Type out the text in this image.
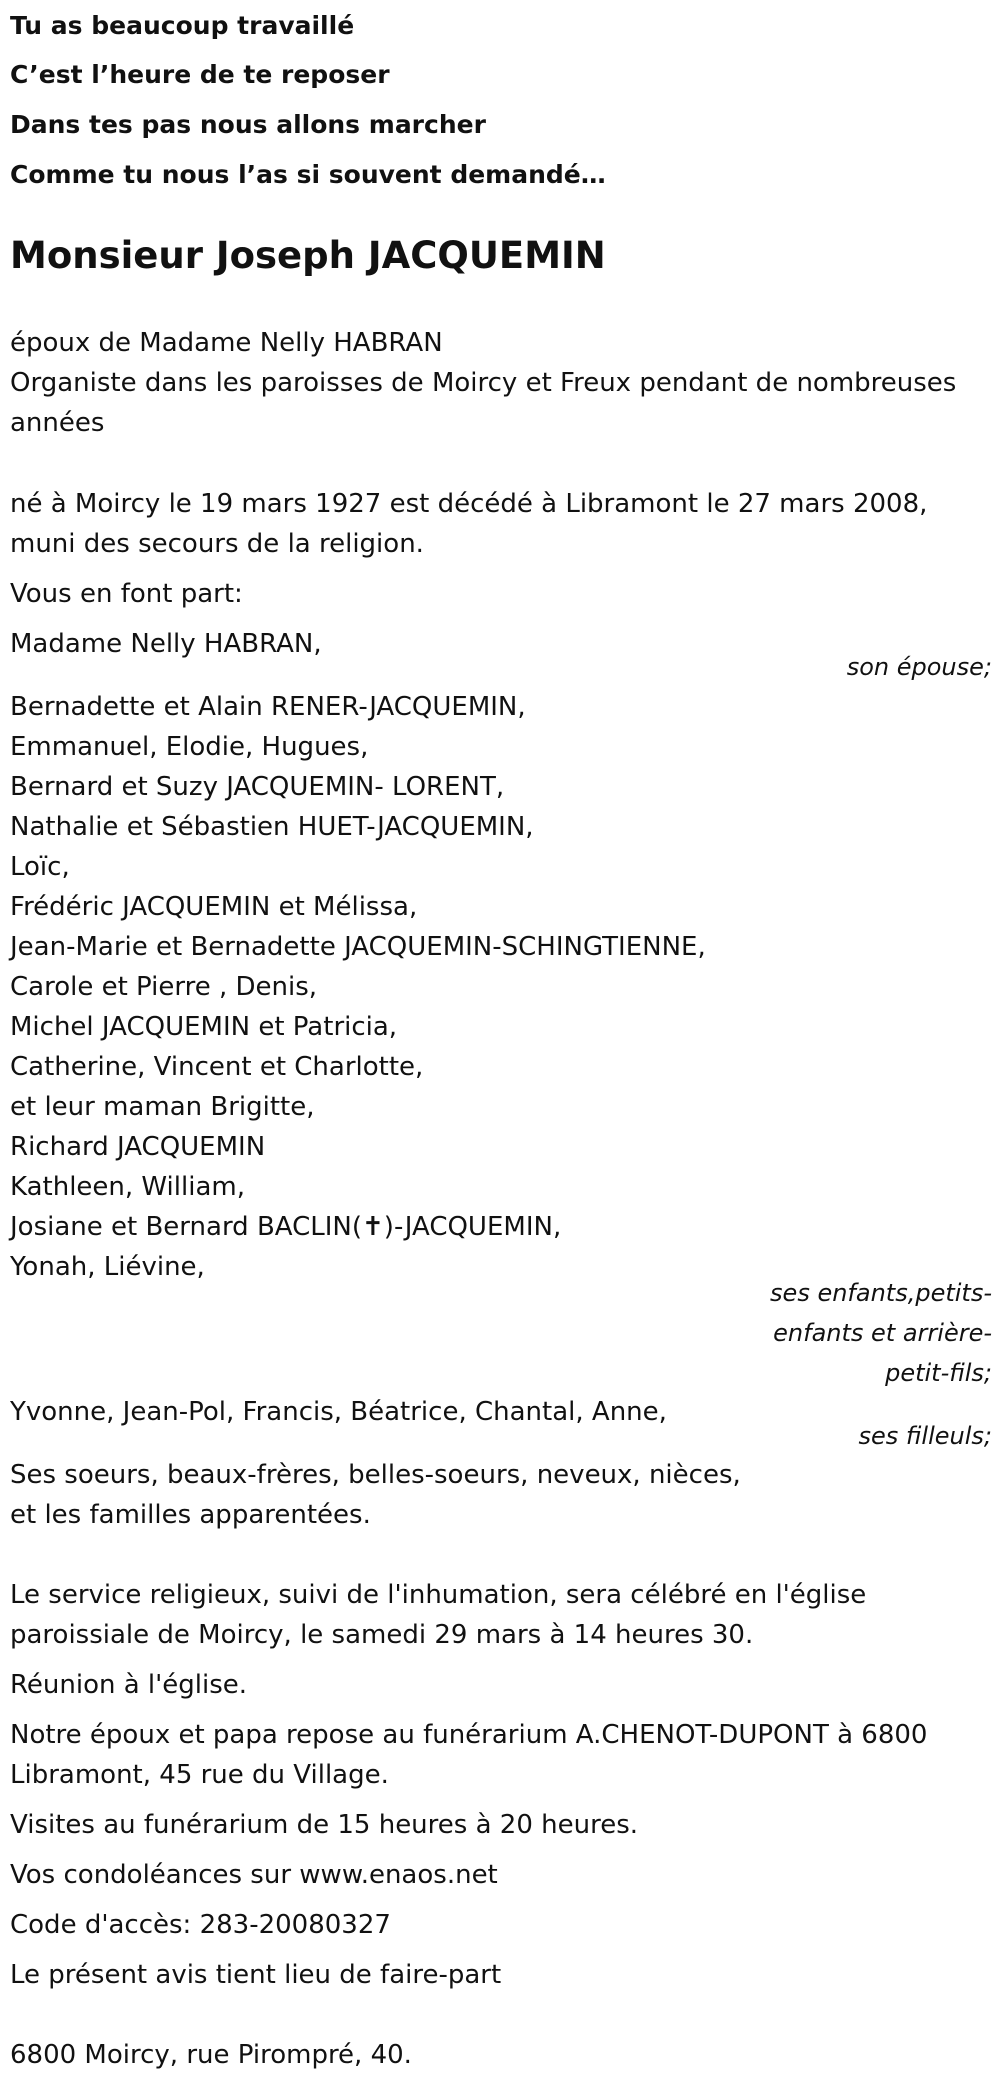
Tu as beaucoup travaillé
C’est l’heure de te reposer
Dans tes pas nous allons marcher
Comme tu nous l’as si souvent demandé…
Monsieur Joseph JACQUEMIN
époux de Madame Nelly HABRAN
Organiste dans les paroisses de Moircy et Freux pendant de nombreuses
années
né à Moircy le 19 mars 1927 est décédé à Libramont le 27 mars 2008,
muni des secours de la religion.
Vous en font part:
Madame Nelly HABRAN,
son épouse;
Bernadette et Alain RENER-JACQUEMIN,
Emmanuel, Elodie, Hugues,
Bernard et Suzy JACQUEMIN- LORENT,
Nathalie et Sébastien HUET-JACQUEMIN,
Loïc,
Frédéric JACQUEMIN et Mélissa,
Jean-Marie et Bernadette JACQUEMIN-SCHINGTIENNE,
Carole et Pierre , Denis,
Michel JACQUEMIN et Patricia,
Catherine, Vincent et Charlotte,
et leur maman Brigitte,
Richard JACQUEMIN
Kathleen, William,
Josiane et Bernard BACLIN(✝)-JACQUEMIN,
Yonah, Liévine,
ses enfants,petits-
enfants et arrière-
petit-fils;
Yvonne, Jean-Pol, Francis, Béatrice, Chantal, Anne,
ses filleuls;
Ses soeurs, beaux-frères, belles-soeurs, neveux, nièces,
et les familles apparentées.
Le service religieux, suivi de l'inhumation, sera célébré en l'église
paroissiale de Moircy, le samedi 29 mars à 14 heures 30.
Réunion à l'église.
Notre époux et papa repose au funérarium A.CHENOT-DUPONT à 6800
Libramont, 45 rue du Village.
Visites au funérarium de 15 heures à 20 heures.
Vos condoléances sur www.enaos.net
Code d'accès: 283-20080327
Le présent avis tient lieu de faire-part
6800 Moircy, rue Pirompré, 40.
